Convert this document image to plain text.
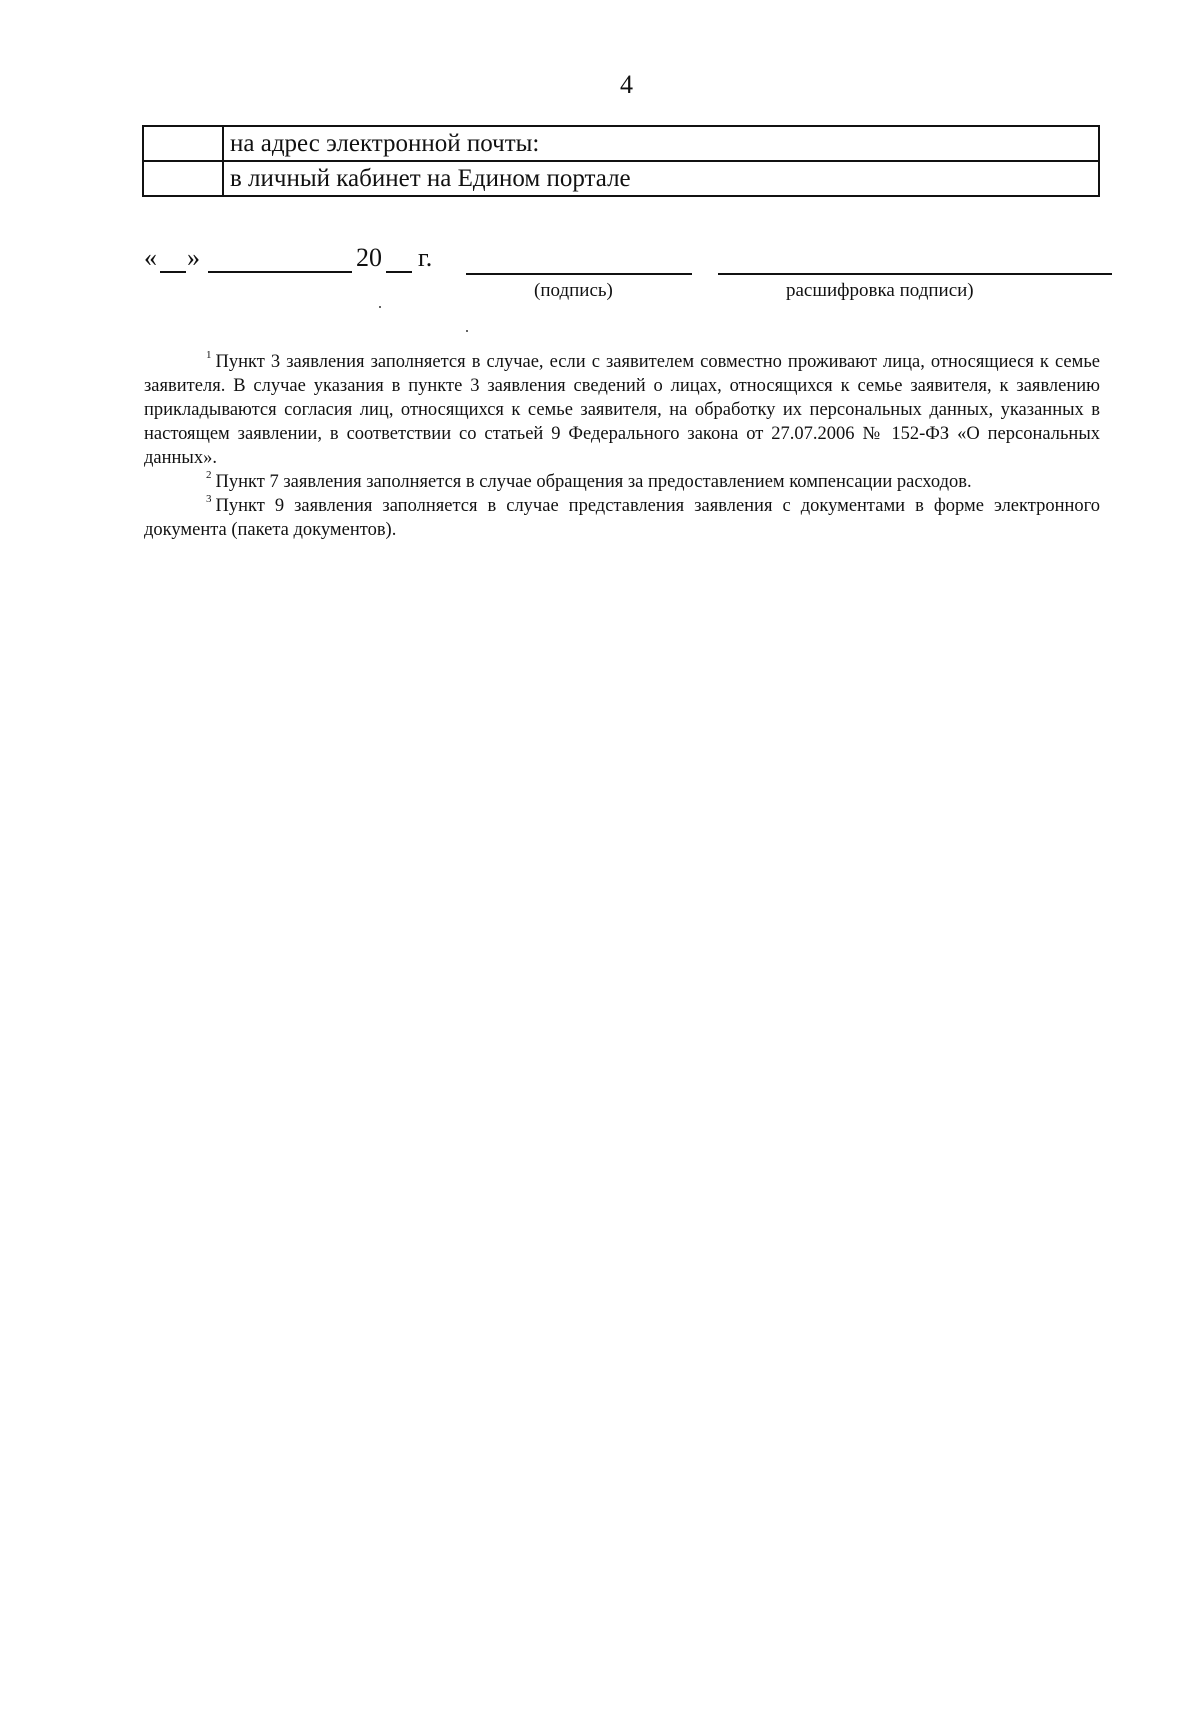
4
	на адрес электронной почты:
	в личный кабинет на Едином портале
« »	20 г.
(подпись)	расшифровка подписи)

$^1$ Пункт 3 заявления заполняется в случае, если с заявителем совместно проживают лица, относящиеся к семье заявителя. В случае указания в пункте 3 заявления сведений о лицах, относящихся к семье заявителя, к заявлению прикладываются согласия лиц, относящихся к семье заявителя, на обработку их персональных данных, указанных в настоящем заявлении, в соответствии со статьей 9 Федерального закона от 27.07.2006 № 152-ФЗ «О персональных данных».

$^2$ Пункт 7 заявления заполняется в случае обращения за предоставлением компенсации расходов.

$^3$ Пункт 9 заявления заполняется в случае представления заявления с документами в форме электронного документа (пакета документов).
